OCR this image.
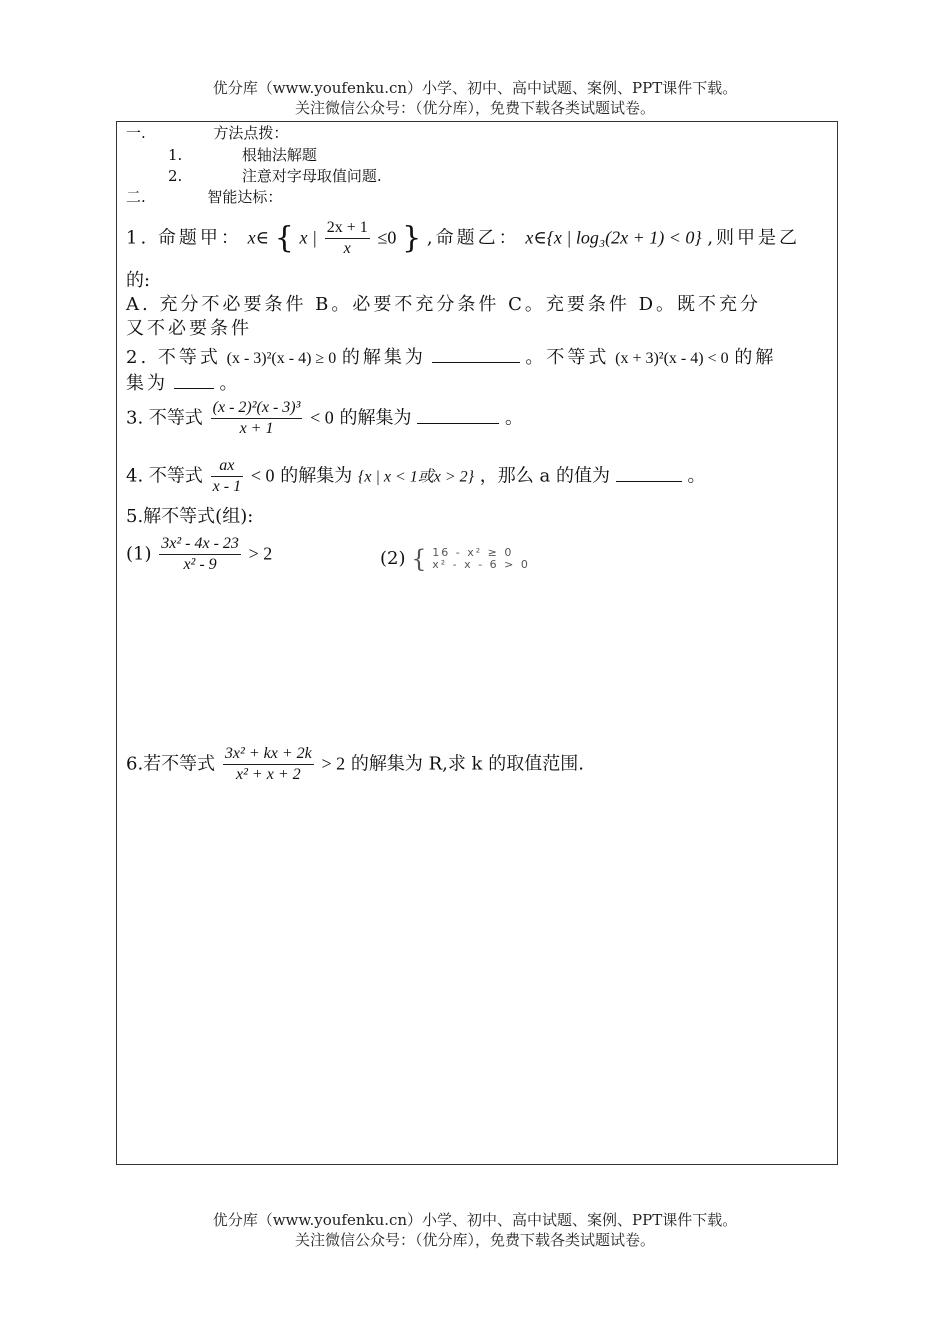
优分库（www.youfenku.cn）小学、初中、高中试题、案例、PPT课件下载。
关注微信公众号：（优分库），免费下载各类试题试卷。
一.	方法点拨：
1.	根轴法解题
2.	注意对字母取值问题.
二.	智能达标：
1. 命题甲： x∈ { x | $\frac{2x + 1}{x} \le 0$ } ,命题乙： x∈{x | log₃(2x + 1) < 0} ,则甲是乙
的:
A. 充分不必要条件 B。必要不充分条件 C。充要条件 D。既不充分
又不必要条件
2. 不等式 (x - 3)²(x - 4) ≥ 0 的解集为	。不等式 (x + 3)²(x - 4) < 0 的解
集为	。
3. 不等式 $\frac{\text{(x - 2)²(x - 3)³}}{x + 1} < 0$ 的解集为	。
4. 不等式 $\frac{ax}{x - 1} < 0$ 的解集为 {x | x < 1或x > 2} ，那么 a 的值为	。
5.解不等式(组):
$(1) \frac{\text{3x² - 4x - 23}}{\text{x² - 9}} > 2$	(2) { 16 - x² ≥ 0
x² - x - 6 > 0
6.若不等式 $\frac{\text{3x² + kx + 2k}}{\text{x² + x + 2}} > 2$ 的解集为 R,求 k 的取值范围.
优分库（www.youfenku.cn）小学、初中、高中试题、案例、PPT课件下载。
关注微信公众号：（优分库），免费下载各类试题试卷。
